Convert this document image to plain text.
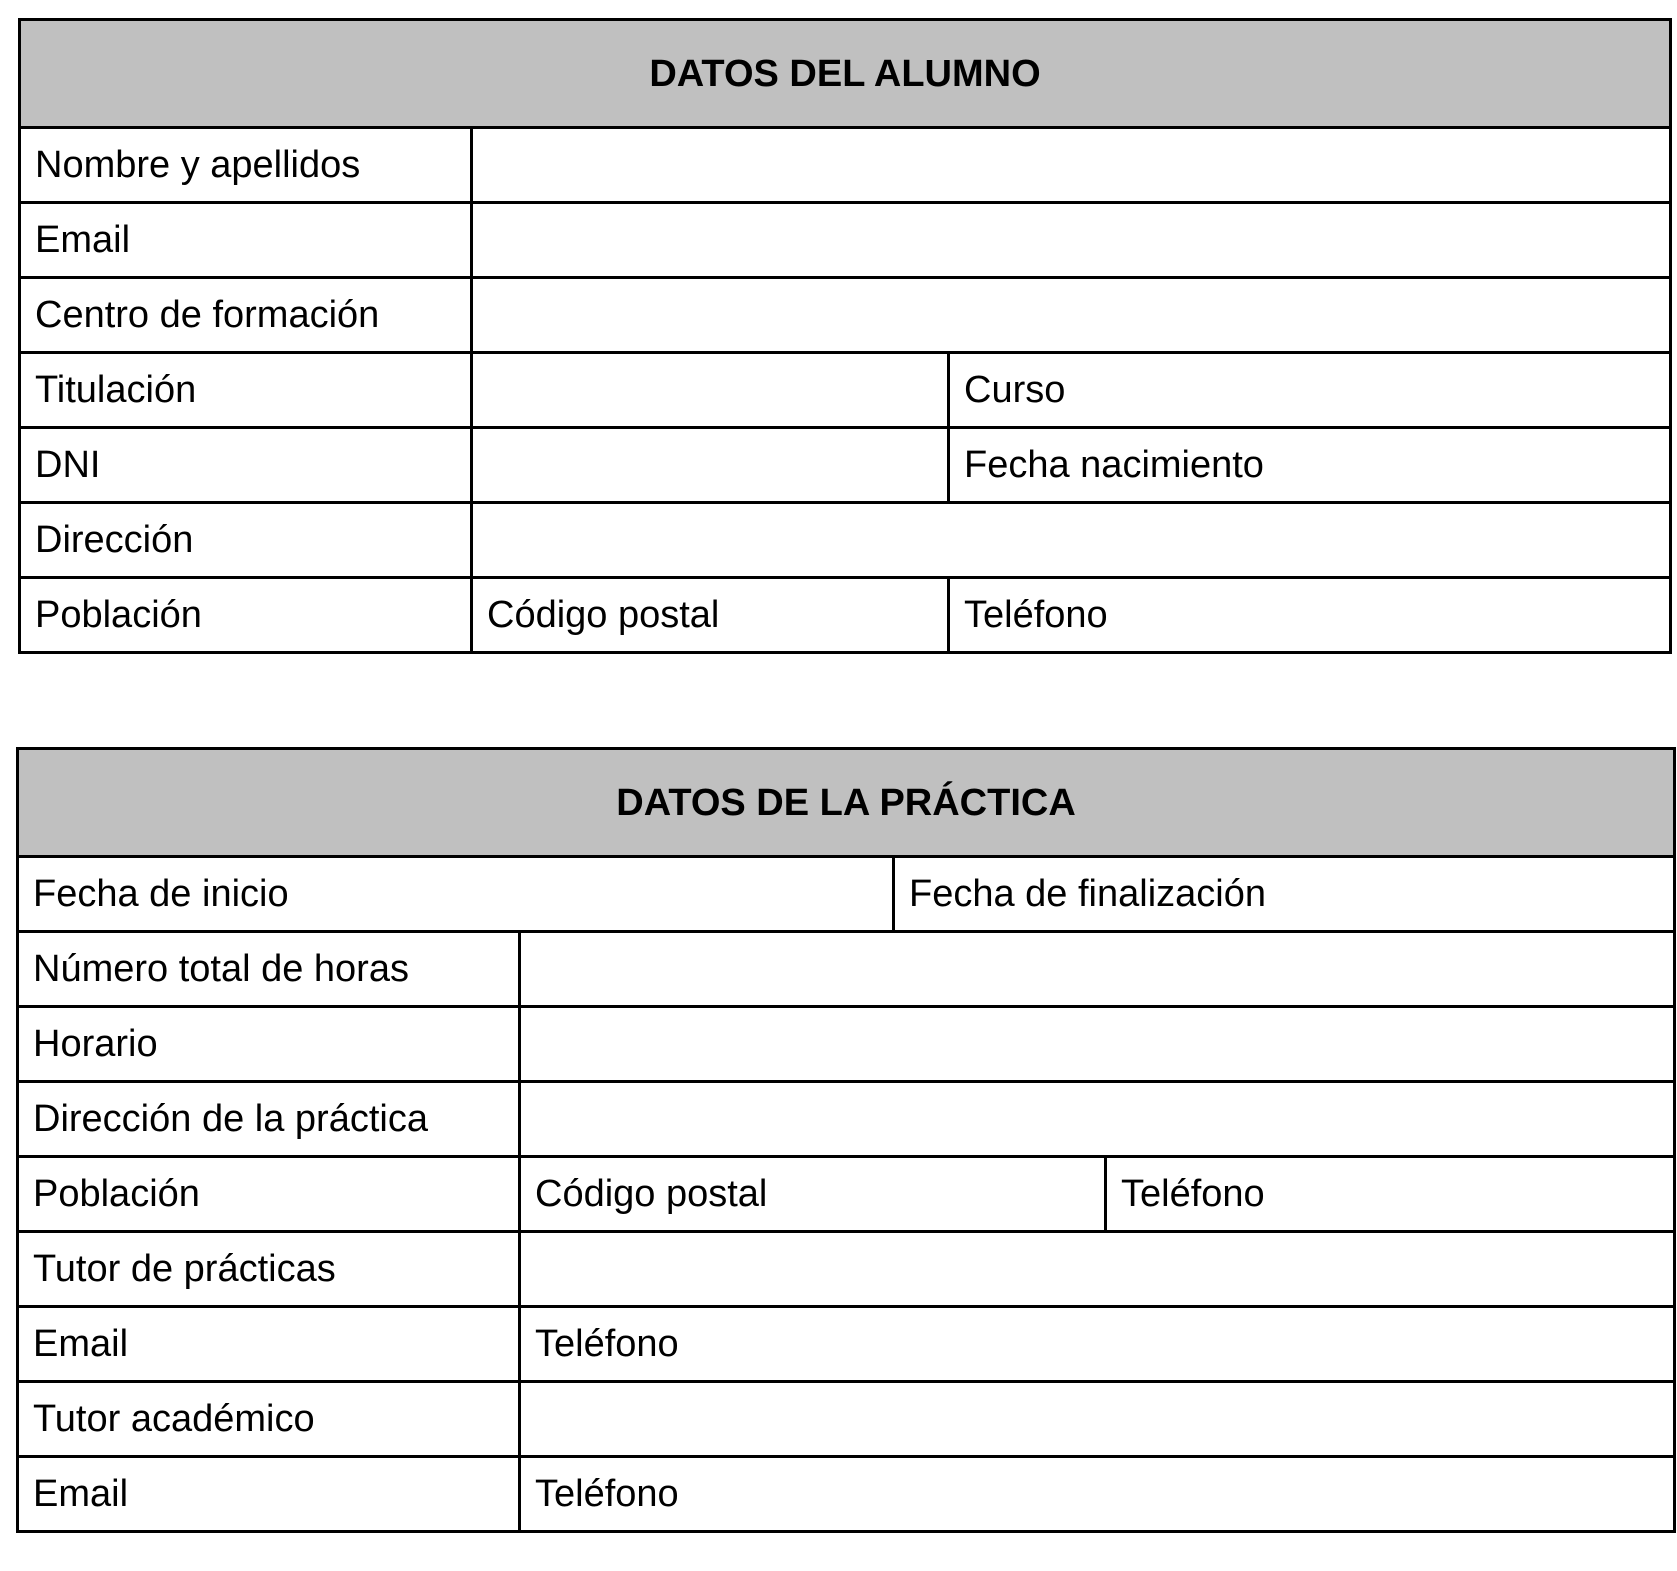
DATOS DEL ALUMNO		
Nombre y apellidos		
Email		
Centro de formación		
Titulación		Curso
DNI		Fecha nacimiento
Dirección		
Población	Código postal	Teléfono
DATOS DE LA PRÁCTICA			
Fecha de inicio		Fecha de finalización	
Número total de horas			
Horario			
Dirección de la práctica			
Población	Código postal		Teléfono
Tutor de prácticas			
Email	Teléfono		
Tutor académico			
Email	Teléfono		
